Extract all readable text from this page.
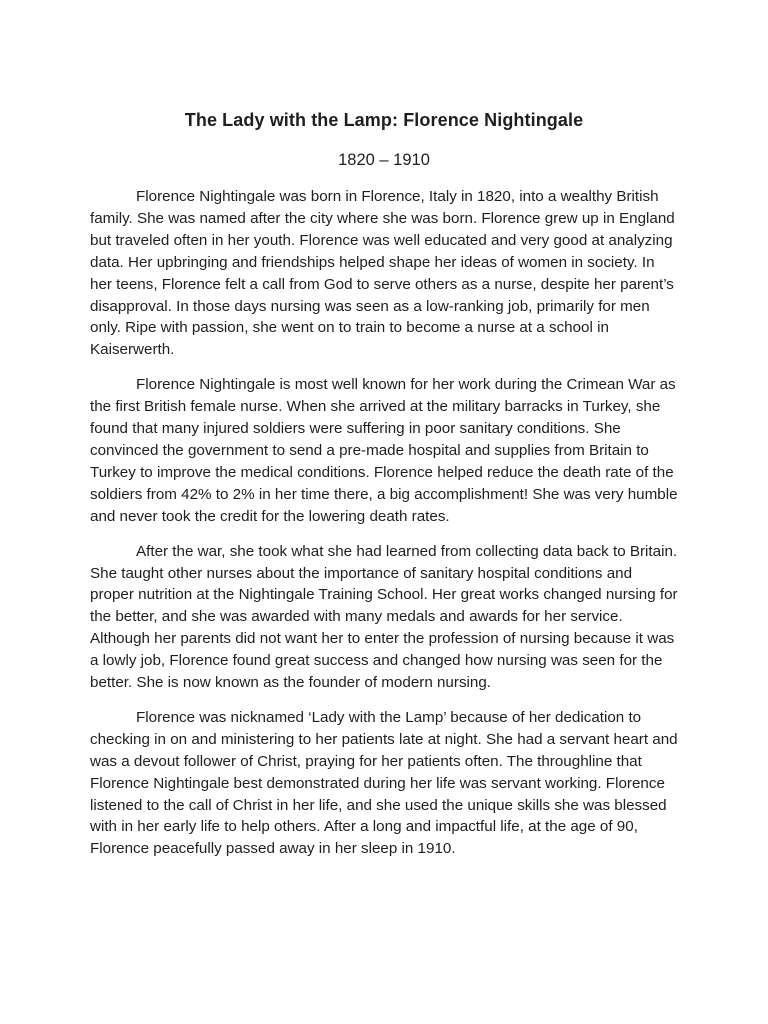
The Lady with the Lamp: Florence Nightingale
1820 – 1910

Florence Nightingale was born in Florence, Italy in 1820, into a wealthy British family. She was named after the city where she was born. Florence grew up in England but traveled often in her youth. Florence was well educated and very good at analyzing data. Her upbringing and friendships helped shape her ideas of women in society. In her teens, Florence felt a call from God to serve others as a nurse, despite her parent’s disapproval. In those days nursing was seen as a low-ranking job, primarily for men only. Ripe with passion, she went on to train to become a nurse at a school in Kaiserwerth.

Florence Nightingale is most well known for her work during the Crimean War as the first British female nurse. When she arrived at the military barracks in Turkey, she found that many injured soldiers were suffering in poor sanitary conditions. She convinced the government to send a pre-made hospital and supplies from Britain to Turkey to improve the medical conditions. Florence helped reduce the death rate of the soldiers from 42% to 2% in her time there, a big accomplishment! She was very humble and never took the credit for the lowering death rates.

After the war, she took what she had learned from collecting data back to Britain. She taught other nurses about the importance of sanitary hospital conditions and proper nutrition at the Nightingale Training School. Her great works changed nursing for the better, and she was awarded with many medals and awards for her service. Although her parents did not want her to enter the profession of nursing because it was a lowly job, Florence found great success and changed how nursing was seen for the better. She is now known as the founder of modern nursing.

Florence was nicknamed ‘Lady with the Lamp’ because of her dedication to checking in on and ministering to her patients late at night. She had a servant heart and was a devout follower of Christ, praying for her patients often. The throughline that Florence Nightingale best demonstrated during her life was servant working. Florence listened to the call of Christ in her life, and she used the unique skills she was blessed with in her early life to help others. After a long and impactful life, at the age of 90, Florence peacefully passed away in her sleep in 1910.
